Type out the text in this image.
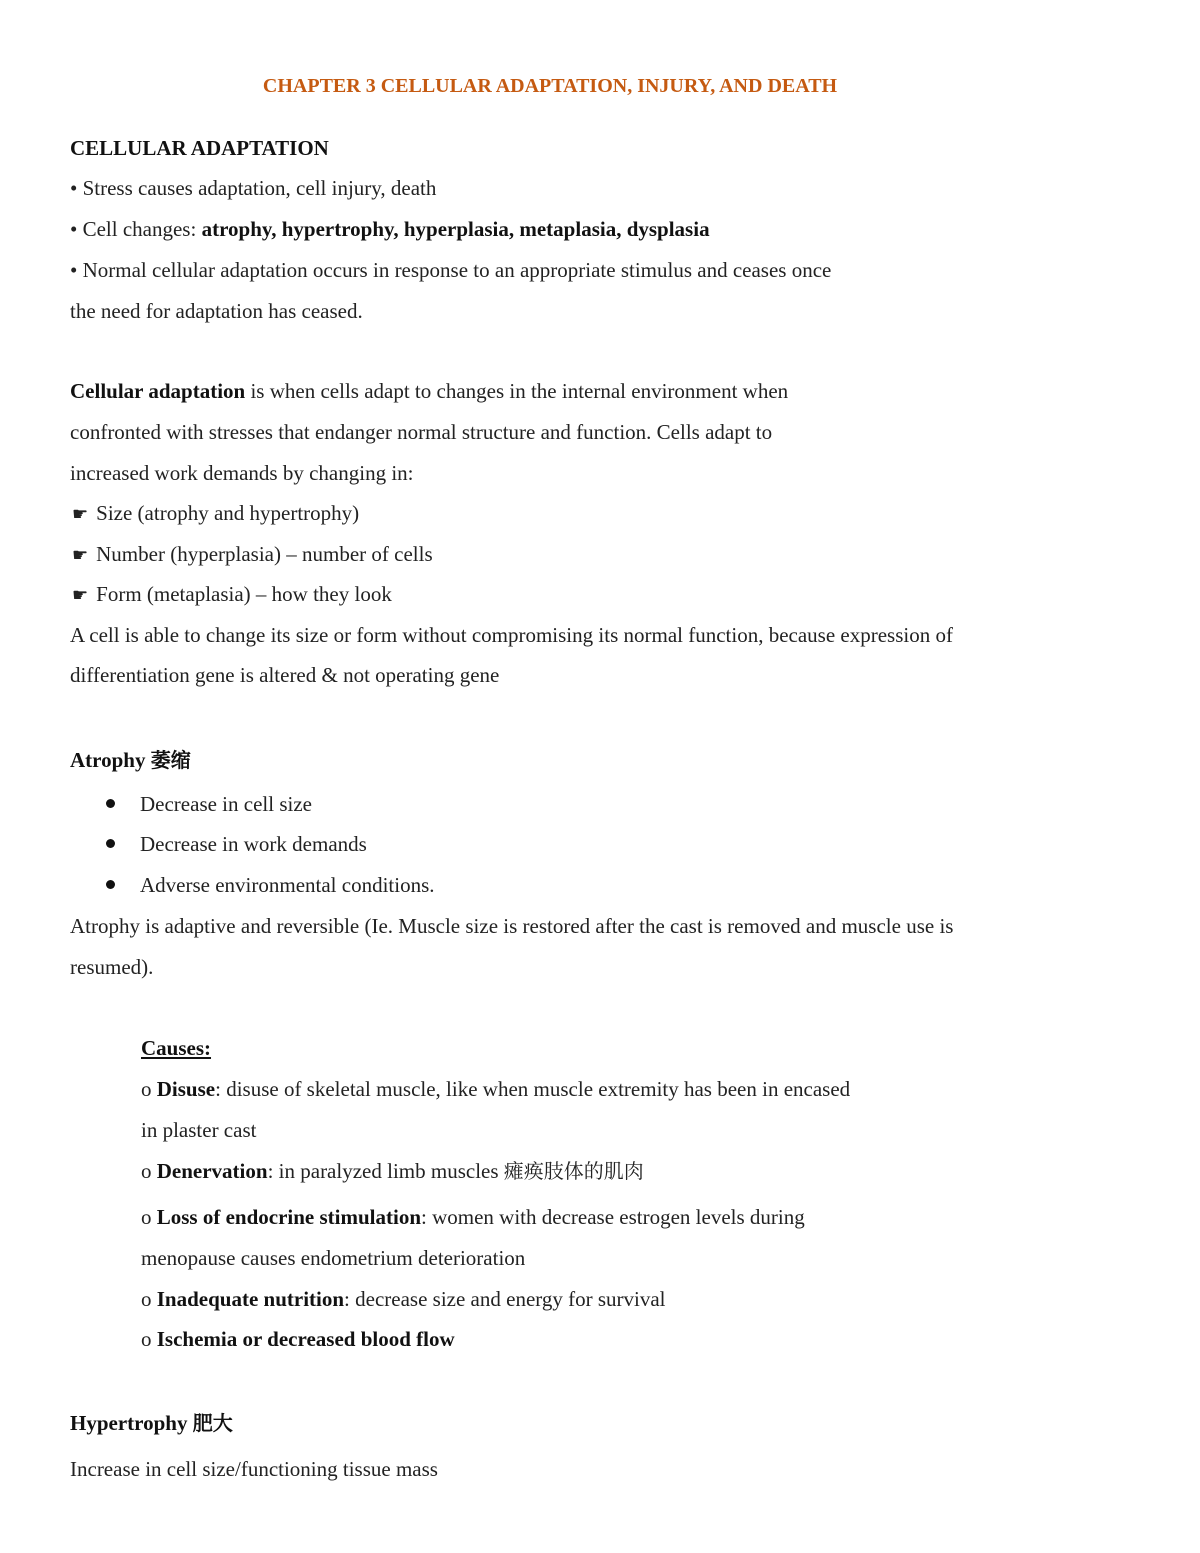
CHAPTER 3 CELLULAR ADAPTATION, INJURY, AND DEATH
CELLULAR ADAPTATION
• Stress causes adaptation, cell injury, death
• Cell changes: atrophy, hypertrophy, hyperplasia, metaplasia, dysplasia
• Normal cellular adaptation occurs in response to an appropriate stimulus and ceases once
the need for adaptation has ceased.
Cellular adaptation is when cells adapt to changes in the internal environment when
confronted with stresses that endanger normal structure and function. Cells adapt to
increased work demands by changing in:
☛ Size (atrophy and hypertrophy)
☛ Number (hyperplasia) – number of cells
☛ Form (metaplasia) – how they look
A cell is able to change its size or form without compromising its normal function, because expression of
differentiation gene is altered & not operating gene
Atrophy 萎缩
Decrease in cell size
Decrease in work demands
Adverse environmental conditions.
Atrophy is adaptive and reversible (Ie. Muscle size is restored after the cast is removed and muscle use is
resumed).
Causes:
o Disuse: disuse of skeletal muscle, like when muscle extremity has been in encased
in plaster cast
o Denervation: in paralyzed limb muscles 瘫痪肢体的肌肉
o Loss of endocrine stimulation: women with decrease estrogen levels during
menopause causes endometrium deterioration
o Inadequate nutrition: decrease size and energy for survival
o Ischemia or decreased blood flow
Hypertrophy 肥大
Increase in cell size/functioning tissue mass
